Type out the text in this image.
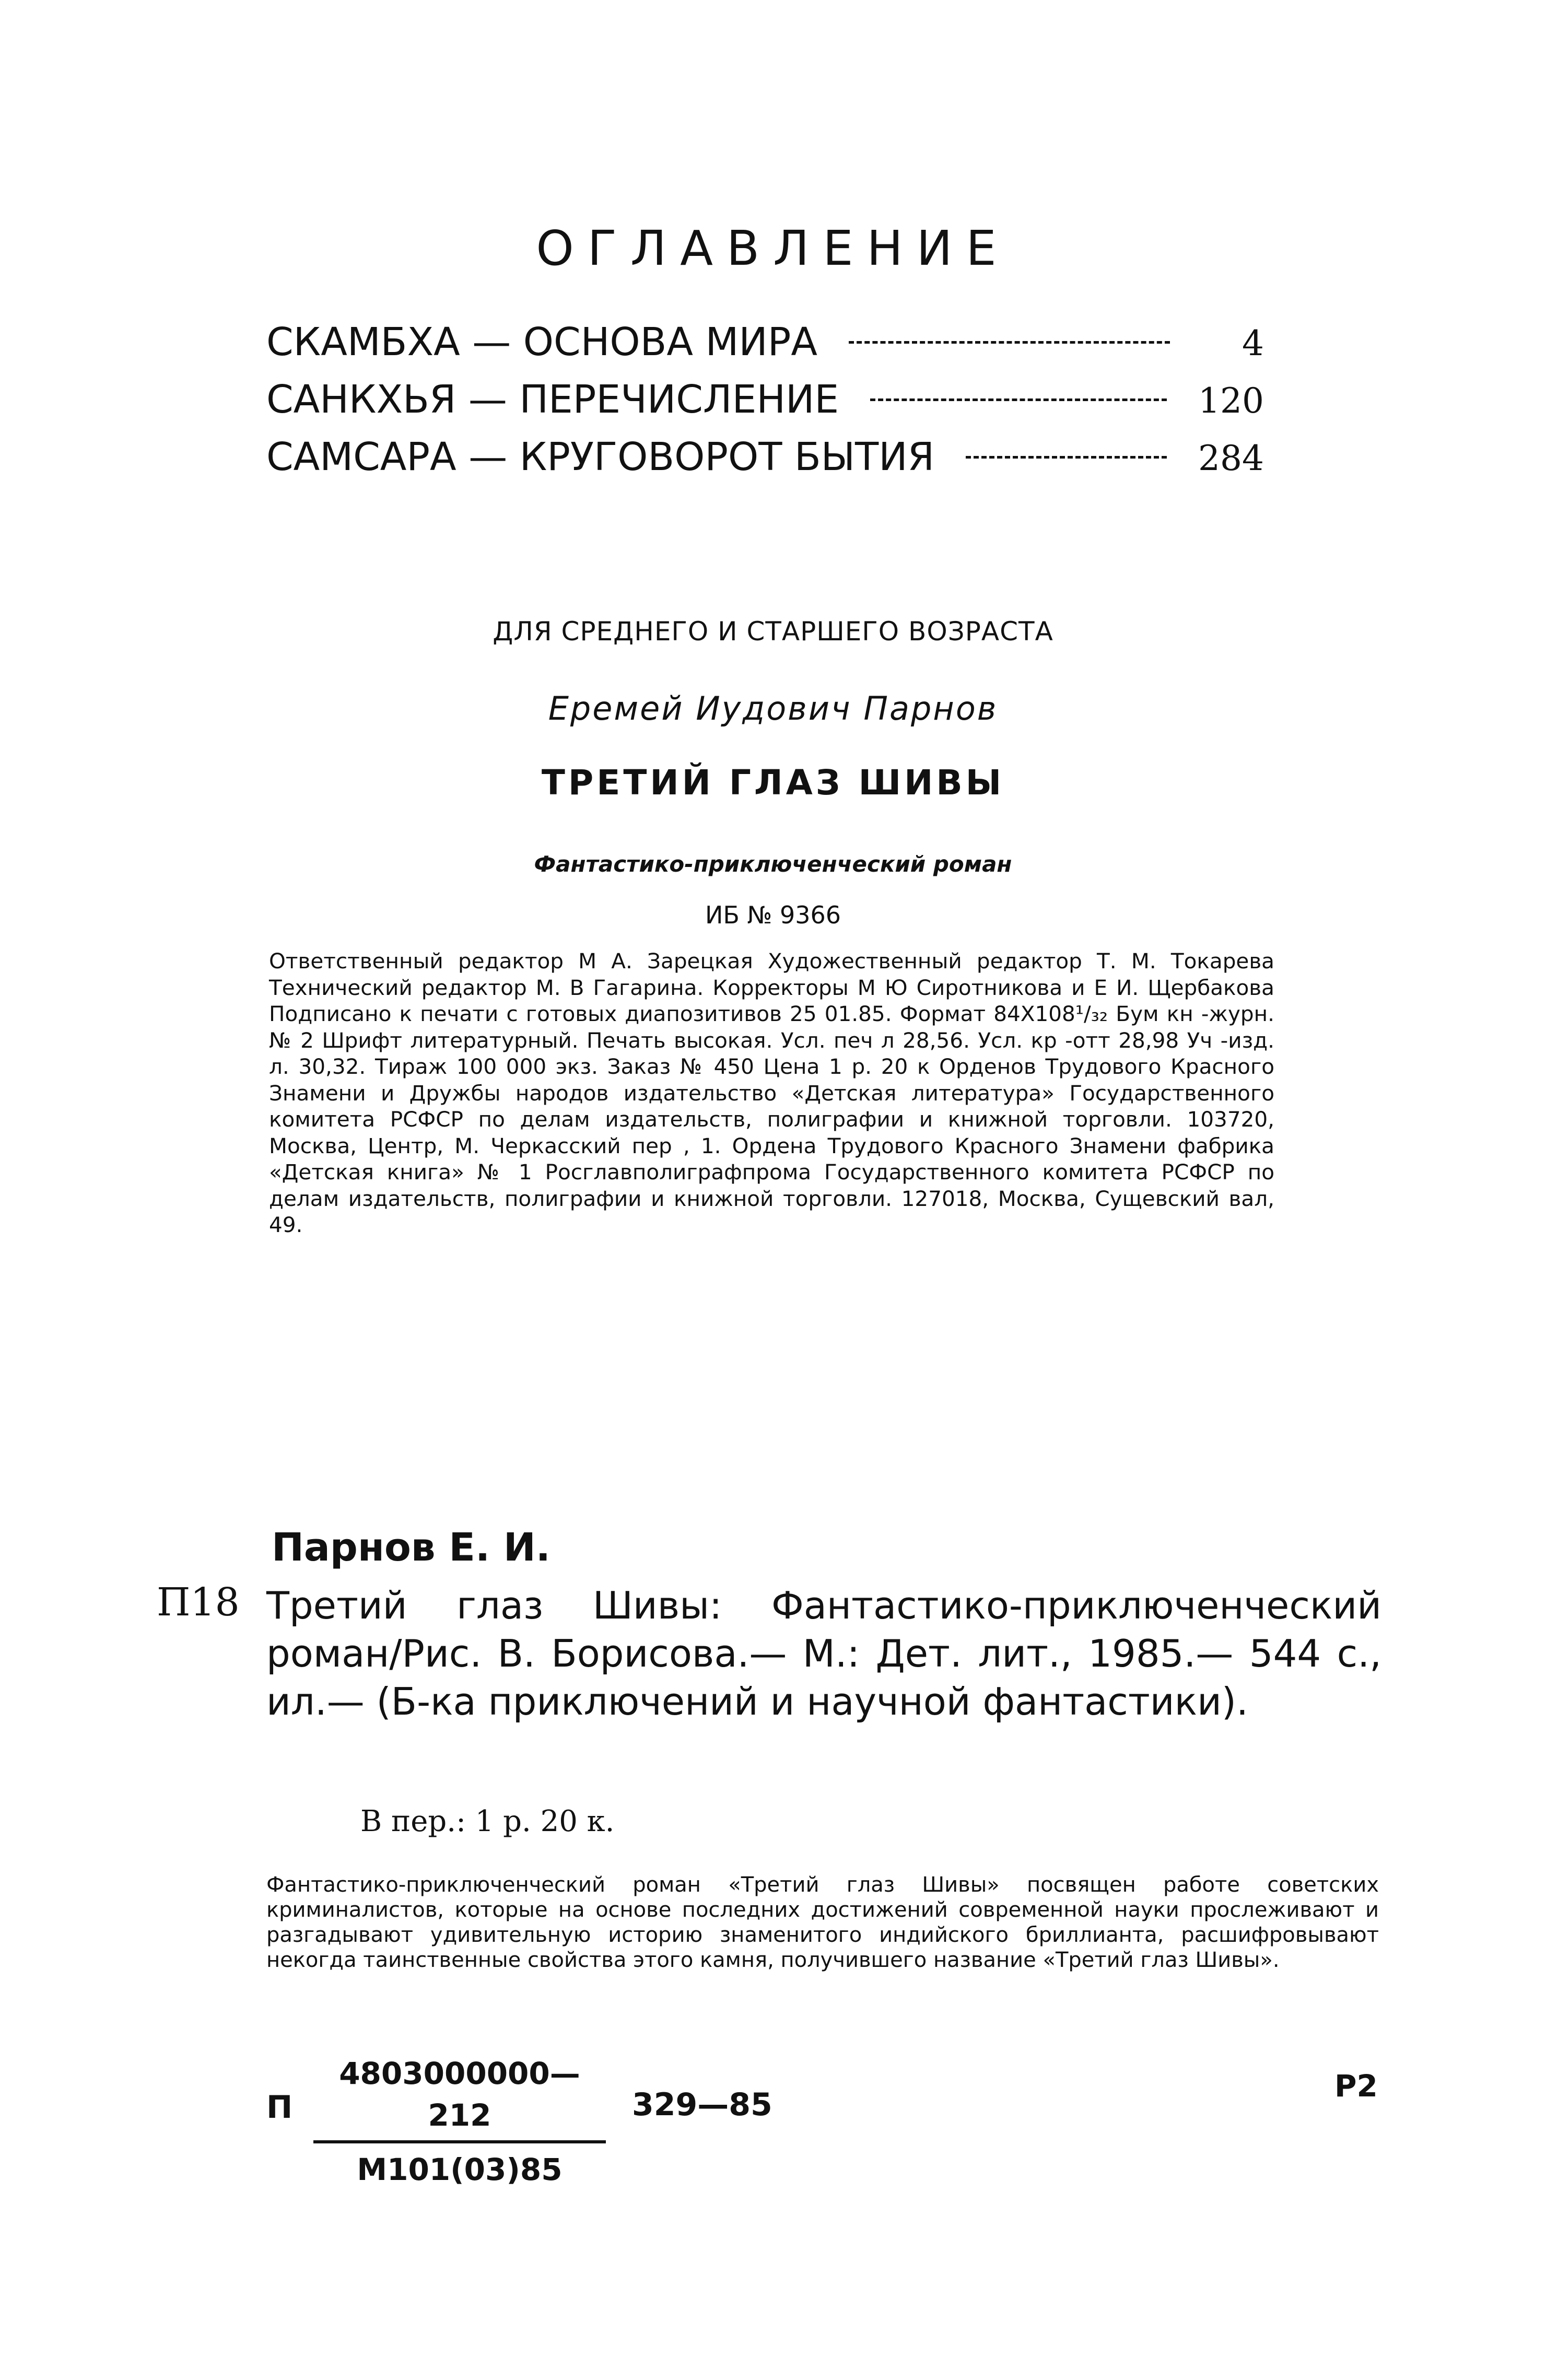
ОГЛАВЛЕНИЕ
СКАМБХА — ОСНОВА МИРА	4
САНКХЬЯ — ПЕРЕЧИСЛЕНИЕ	120
САМСАРА — КРУГОВОРОТ БЫТИЯ	284
ДЛЯ СРЕДНЕГО И СТАРШЕГО ВОЗРАСТА
Еремей Иудович Парнов
ТРЕТИЙ ГЛАЗ ШИВЫ
Фантастико-приключенческий роман
ИБ № 9366
Ответственный редактор М А. Зарецкая Художественный редактор Т. М. Токарева Технический редактор М. В Гагарина. Корректоры М Ю Сиротникова и Е И. Щербакова Подписано к печати с готовых диапозитивов 25 01.85. Формат 84X108¹/₃₂ Бум кн -журн. № 2 Шрифт литературный. Печать высокая. Усл. печ л 28,56. Усл. кр -отт 28,98 Уч -изд. л. 30,32. Тираж 100 000 экз. Заказ № 450 Цена 1 р. 20 к Орденов Трудового Красного Знамени и Дружбы народов издательство «Детская литература» Государственного комитета РСФСР по делам издательств, полиграфии и книжной торговли. 103720, Москва, Центр, М. Черкасский пер , 1. Ордена Трудового Красного Знамени фабрика «Детская книга» № 1 Росглавполиграфпрома Государственного комитета РСФСР по делам издательств, полиграфии и книжной торговли. 127018, Москва, Сущевский вал, 49.
Парнов Е. И.
П18 Третий глаз Шивы: Фантастико-приключенческий роман/Рис. В. Борисова.— М.: Дет. лит., 1985.— 544 с., ил.— (Б-ка приключений и научной фантастики).
В пер.: 1 р. 20 к.
Фантастико-приключенческий роман «Третий глаз Шивы» посвящен работе советских криминалистов, которые на основе последних достижений современной науки прослеживают и разгадывают удивительную историю знаменитого индийского бриллианта, расшифровывают некогда таинственные свойства этого камня, получившего название «Третий глаз Шивы».
П
4803000000—212
М101(03)85
329—85
Р2
